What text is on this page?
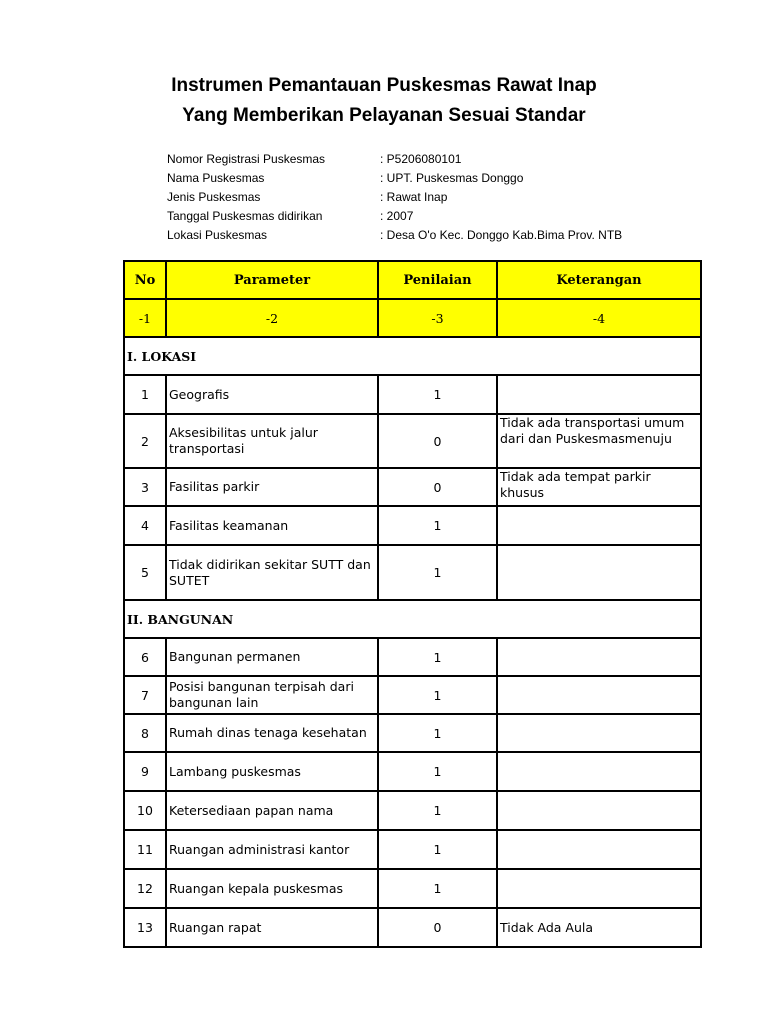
Instrumen Pemantauan Puskesmas Rawat Inap
Yang Memberikan Pelayanan Sesuai Standar
Nomor Registrasi Puskesmas	: P5206080101
Nama Puskesmas	: UPT. Puskesmas Donggo
Jenis Puskesmas	: Rawat Inap
Tanggal Puskesmas didirikan	: 2007
Lokasi Puskesmas	: Desa O'o Kec. Donggo Kab.Bima Prov. NTB
No	Parameter	Penilaian	Keterangan
-1	-2	-3	-4
I. LOKASI			
1	Geografis	1	
2	Aksesibilitas untuk jalur transportasi	0	Tidak ada transportasi umum dari dan Puskesmasmenuju
3	Fasilitas parkir	0	Tidak ada tempat parkir khusus
4	Fasilitas keamanan	1	
5	Tidak didirikan sekitar SUTT dan SUTET	1	
II. BANGUNAN			
6	Bangunan permanen	1	
7	Posisi bangunan terpisah dari bangunan lain	1	
8	Rumah dinas tenaga kesehatan	1	
9	Lambang puskesmas	1	
10	Ketersediaan papan nama	1	
11	Ruangan administrasi kantor	1	
12	Ruangan kepala puskesmas	1	
13	Ruangan rapat	0	Tidak Ada Aula
